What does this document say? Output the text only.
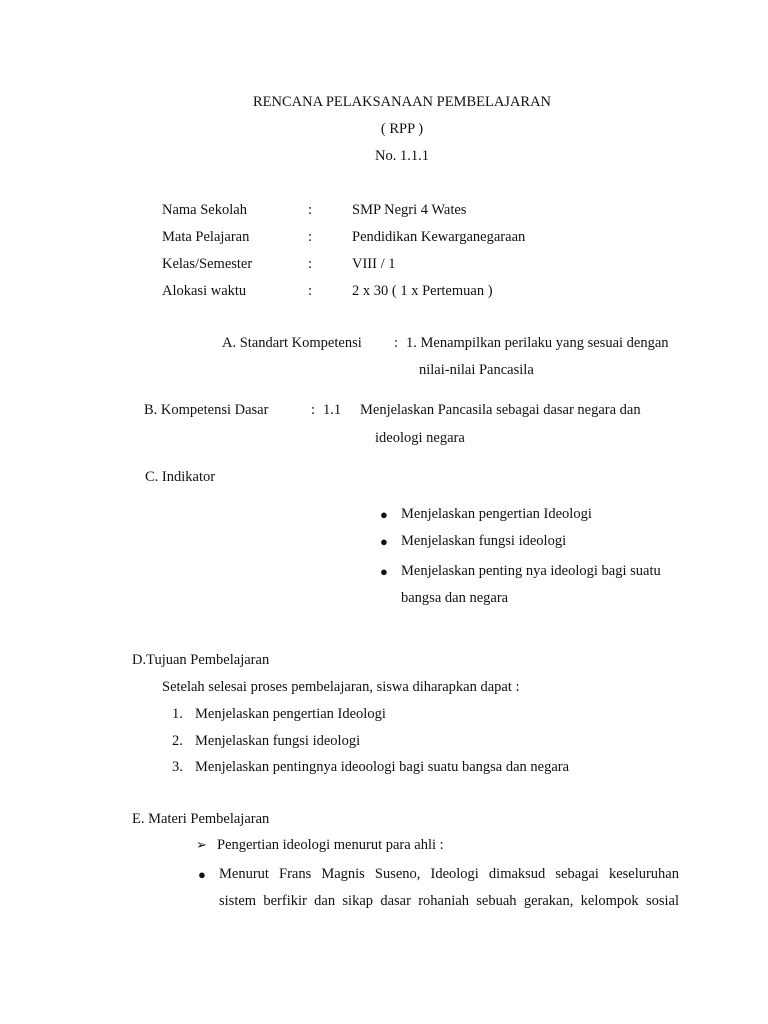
RENCANA PELAKSANAAN PEMBELAJARAN
( RPP )
No. 1.1.1
Nama Sekolah	:	SMP Negri 4 Wates
Mata Pelajaran	:	Pendidikan Kewarganegaraan
Kelas/Semester	:	VIII / 1
Alokasi waktu	:	2 x 30 ( 1 x Pertemuan )
A. Standart Kompetensi : 1. Menampilkan perilaku yang sesuai dengan
nilai-nilai Pancasila
B. Kompetensi Dasar	: 1.1 Menjelaskan Pancasila sebagai dasar negara dan
ideologi negara
C. Indikator
● Menjelaskan pengertian Ideologi
● Menjelaskan fungsi ideologi
● Menjelaskan penting nya ideologi bagi suatu
bangsa dan negara
D.Tujuan Pembelajaran
Setelah selesai proses pembelajaran, siswa diharapkan dapat :
1. Menjelaskan pengertian Ideologi
2. Menjelaskan fungsi ideologi
3. Menjelaskan pentingnya ideoologi bagi suatu bangsa dan negara
E. Materi Pembelajaran
➢ Pengertian ideologi menurut para ahli :
● Menurut Frans Magnis Suseno, Ideologi dimaksud sebagai keseluruhan
sistem berfikir dan sikap dasar rohaniah sebuah gerakan, kelompok sosial
